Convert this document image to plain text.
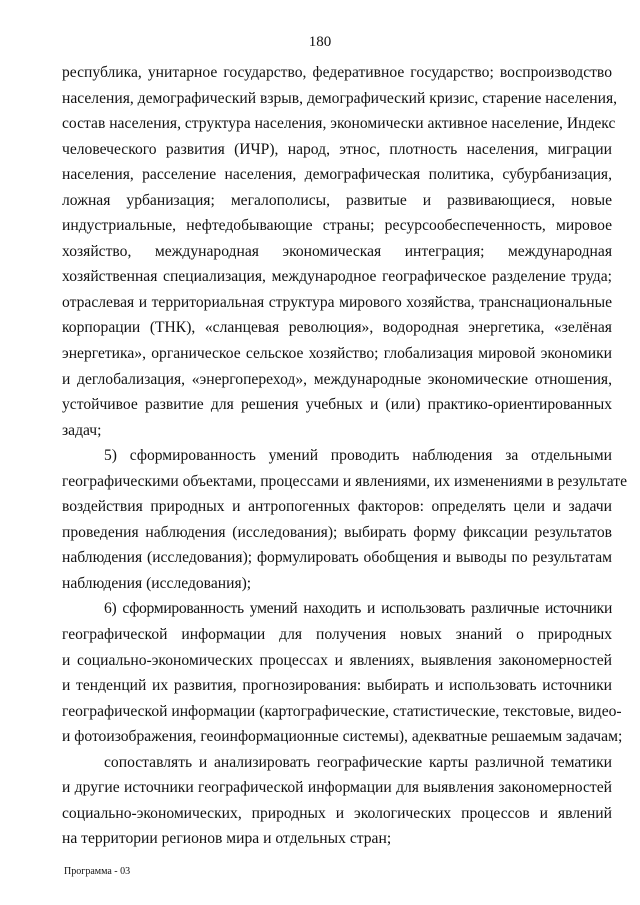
180

республика, унитарное государство, федеративное государство; воспроизводство
населения, демографический взрыв, демографический кризис, старение населения,
состав населения, структура населения, экономически активное население, Индекс
человеческого развития (ИЧР), народ, этнос, плотность населения, миграции
населения, расселение населения, демографическая политика, субурбанизация,
ложная урбанизация; мегалополисы, развитые и развивающиеся, новые
индустриальные, нефтедобывающие страны; ресурсообеспеченность, мировое
хозяйство, международная экономическая интеграция; международная
хозяйственная специализация, международное географическое разделение труда;
отраслевая и территориальная структура мирового хозяйства, транснациональные
корпорации (ТНК), «сланцевая революция», водородная энергетика, «зелёная
энергетика», органическое сельское хозяйство; глобализация мировой экономики
и деглобализация, «энергопереход», международные экономические отношения,
устойчивое развитие для решения учебных и (или) практико-ориентированных
задач;

5) сформированность умений проводить наблюдения за отдельными
географическими объектами, процессами и явлениями, их изменениями в результате
воздействия природных и антропогенных факторов: определять цели и задачи
проведения наблюдения (исследования); выбирать форму фиксации результатов
наблюдения (исследования); формулировать обобщения и выводы по результатам
наблюдения (исследования);

6) сформированность умений находить и использовать различные источники
географической информации для получения новых знаний о природных
и социально-экономических процессах и явлениях, выявления закономерностей
и тенденций их развития, прогнозирования: выбирать и использовать источники
географической информации (картографические, статистические, текстовые, видео-
и фотоизображения, геоинформационные системы), адекватные решаемым задачам;

сопоставлять и анализировать географические карты различной тематики
и другие источники географической информации для выявления закономерностей
социально-экономических, природных и экологических процессов и явлений
на территории регионов мира и отдельных стран;

Программа - 03
